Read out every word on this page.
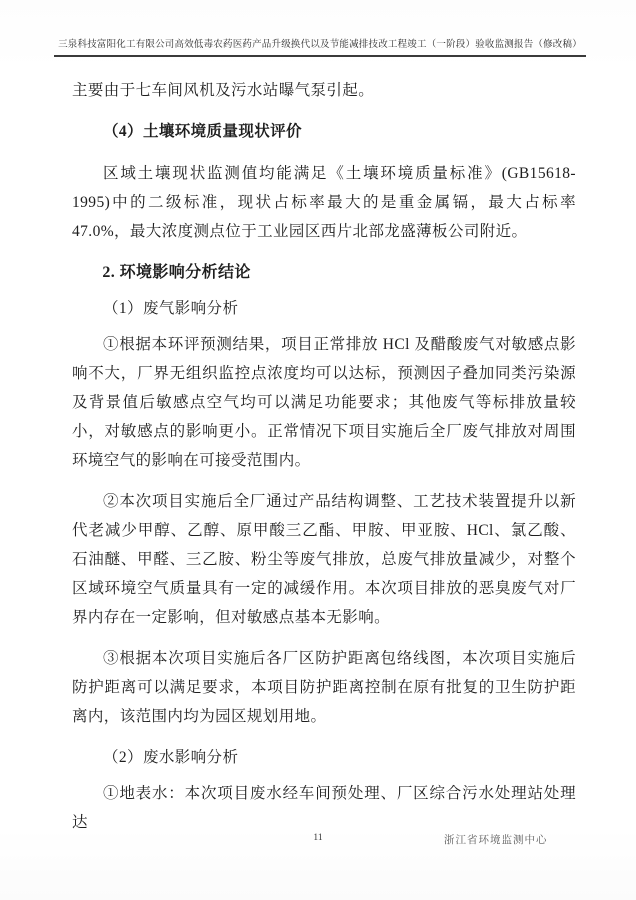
三泉科技富阳化工有限公司高效低毒农药医药产品升级换代以及节能减排技改工程竣工（一阶段）验收监测报告（修改稿）
主要由于七车间风机及污水站曝气泵引起。
（4）土壤环境质量现状评价
区域土壤现状监测值均能满足《土壤环境质量标准》(GB15618-1995)中的二级标准，现状占标率最大的是重金属镉，最大占标率 47.0%，最大浓度测点位于工业园区西片北部龙盛薄板公司附近。
2. 环境影响分析结论
（1）废气影响分析
①根据本环评预测结果，项目正常排放 HCl 及醋酸废气对敏感点影响不大，厂界无组织监控点浓度均可以达标，预测因子叠加同类污染源及背景值后敏感点空气均可以满足功能要求；其他废气等标排放量较小，对敏感点的影响更小。正常情况下项目实施后全厂废气排放对周围环境空气的影响在可接受范围内。
②本次项目实施后全厂通过产品结构调整、工艺技术装置提升以新代老减少甲醇、乙醇、原甲酸三乙酯、甲胺、甲亚胺、HCl、氯乙酸、石油醚、甲醛、三乙胺、粉尘等废气排放，总废气排放量减少，对整个区域环境空气质量具有一定的减缓作用。本次项目排放的恶臭废气对厂界内存在一定影响，但对敏感点基本无影响。
③根据本次项目实施后各厂区防护距离包络线图，本次项目实施后防护距离可以满足要求，本项目防护距离控制在原有批复的卫生防护距离内，该范围内均为园区规划用地。
（2）废水影响分析
①地表水：本次项目废水经车间预处理、厂区综合污水处理站处理达
11	浙江省环境监测中心
